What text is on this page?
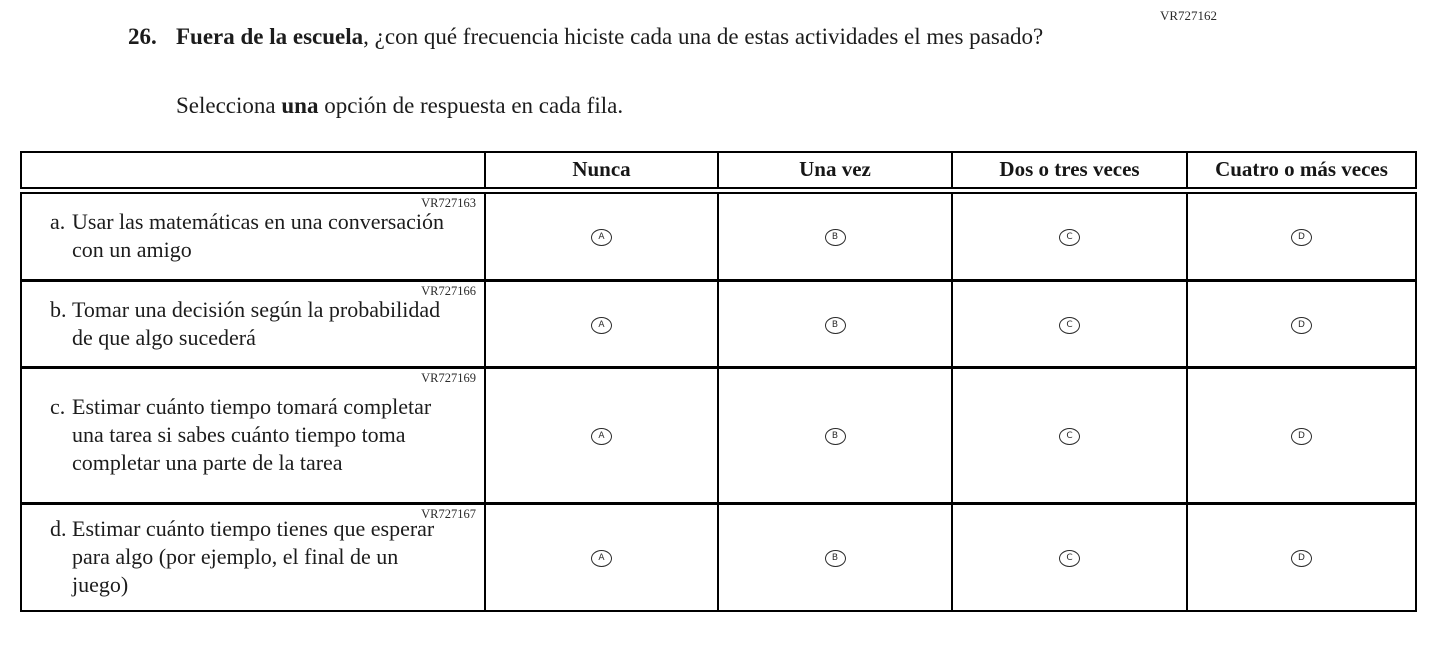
VR727162
26. Fuera de la escuela, ¿con qué frecuencia hiciste cada una de estas actividades el mes pasado?
Selecciona una opción de respuesta en cada fila.
	Nunca	Una vez	Dos o tres veces	Cuatro o más veces

VR727163
a. Usar las matemáticas en una conversación con un amigo	A	B	C	D

VR727166
b. Tomar una decisión según la probabilidad de que algo sucederá	A	B	C	D

VR727169
c. Estimar cuánto tiempo tomará completar una tarea si sabes cuánto tiempo toma completar una parte de la tarea	A	B	C	D

VR727167
d. Estimar cuánto tiempo tienes que esperar para algo (por ejemplo, el final de un juego)	A	B	C	D
